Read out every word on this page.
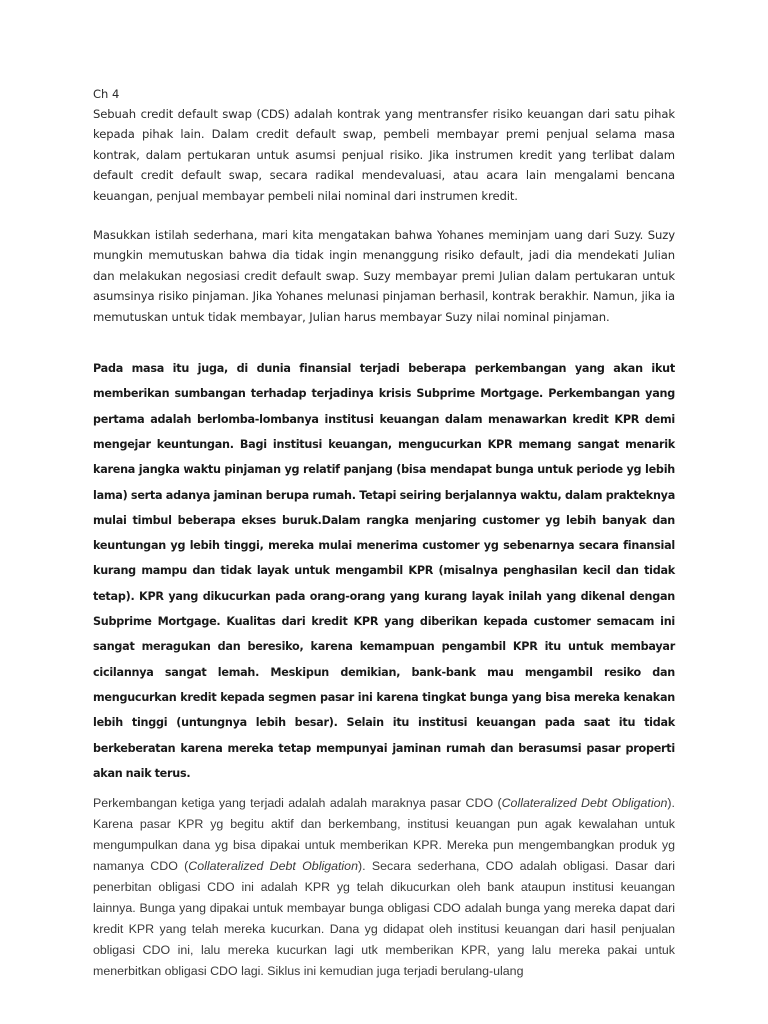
Ch 4

Sebuah credit default swap (CDS) adalah kontrak yang mentransfer risiko keuangan dari satu pihak kepada pihak lain. Dalam credit default swap, pembeli membayar premi penjual selama masa kontrak, dalam pertukaran untuk asumsi penjual risiko. Jika instrumen kredit yang terlibat dalam default credit default swap, secara radikal mendevaluasi, atau acara lain mengalami bencana keuangan, penjual membayar pembeli nilai nominal dari instrumen kredit.

Masukkan istilah sederhana, mari kita mengatakan bahwa Yohanes meminjam uang dari Suzy. Suzy mungkin memutuskan bahwa dia tidak ingin menanggung risiko default, jadi dia mendekati Julian dan melakukan negosiasi credit default swap. Suzy membayar premi Julian dalam pertukaran untuk asumsinya risiko pinjaman. Jika Yohanes melunasi pinjaman berhasil, kontrak berakhir. Namun, jika ia memutuskan untuk tidak membayar, Julian harus membayar Suzy nilai nominal pinjaman.

Pada masa itu juga, di dunia finansial terjadi beberapa perkembangan yang akan ikut memberikan sumbangan terhadap terjadinya krisis Subprime Mortgage. Perkembangan yang pertama adalah berlomba-lombanya institusi keuangan dalam menawarkan kredit KPR demi mengejar keuntungan. Bagi institusi keuangan, mengucurkan KPR memang sangat menarik karena jangka waktu pinjaman yg relatif panjang (bisa mendapat bunga untuk periode yg lebih lama) serta adanya jaminan berupa rumah. Tetapi seiring berjalannya waktu, dalam prakteknya mulai timbul beberapa ekses buruk.Dalam rangka menjaring customer yg lebih banyak dan keuntungan yg lebih tinggi, mereka mulai menerima customer yg sebenarnya secara finansial kurang mampu dan tidak layak untuk mengambil KPR (misalnya penghasilan kecil dan tidak tetap). KPR yang dikucurkan pada orang-orang yang kurang layak inilah yang dikenal dengan Subprime Mortgage. Kualitas dari kredit KPR yang diberikan kepada customer semacam ini sangat meragukan dan beresiko, karena kemampuan pengambil KPR itu untuk membayar cicilannya sangat lemah. Meskipun demikian, bank-bank mau mengambil resiko dan mengucurkan kredit kepada segmen pasar ini karena tingkat bunga yang bisa mereka kenakan lebih tinggi (untungnya lebih besar). Selain itu institusi keuangan pada saat itu tidak berkeberatan karena mereka tetap mempunyai jaminan rumah dan berasumsi pasar properti akan naik terus.

Perkembangan ketiga yang terjadi adalah adalah maraknya pasar CDO (Collateralized Debt Obligation). Karena pasar KPR yg begitu aktif dan berkembang, institusi keuangan pun agak kewalahan untuk mengumpulkan dana yg bisa dipakai untuk memberikan KPR. Mereka pun mengembangkan produk yg namanya CDO (Collateralized Debt Obligation). Secara sederhana, CDO adalah obligasi. Dasar dari penerbitan obligasi CDO ini adalah KPR yg telah dikucurkan oleh bank ataupun institusi keuangan lainnya. Bunga yang dipakai untuk membayar bunga obligasi CDO adalah bunga yang mereka dapat dari kredit KPR yang telah mereka kucurkan. Dana yg didapat oleh institusi keuangan dari hasil penjualan obligasi CDO ini, lalu mereka kucurkan lagi utk memberikan KPR, yang lalu mereka pakai untuk menerbitkan obligasi CDO lagi. Siklus ini kemudian juga terjadi berulang-ulang
